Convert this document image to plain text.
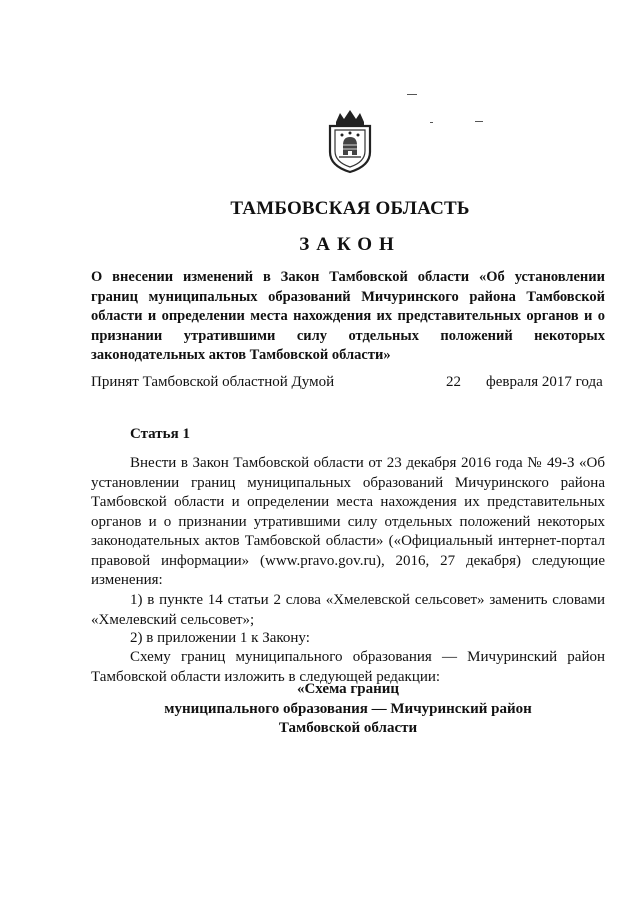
ТАМБОВСКАЯ ОБЛАСТЬ
ЗАКОН
О внесении изменений в Закон Тамбовской области «Об установлении границ муниципальных образований Мичуринского района Тамбовской области и определении места нахождения их представительных органов и о признании утратившими силу отдельных положений некоторых законодательных актов Тамбовской области»
Принят Тамбовской областной Думой	22 февраля 2017 года
Статья 1
Внести в Закон Тамбовской области от 23 декабря 2016 года № 49-З «Об установлении границ муниципальных образований Мичуринского района Тамбовской области и определении места нахождения их представительных органов и о признании утратившими силу отдельных положений некоторых законодательных актов Тамбовской области» («Официальный интернет-портал правовой информации» (www.pravo.gov.ru), 2016, 27 декабря) следующие изменения:
1) в пункте 14 статьи 2 слова «Хмелевской сельсовет» заменить словами «Хмелевский сельсовет»;
2) в приложении 1 к Закону:
Схему границ муниципального образования — Мичуринский район Тамбовской области изложить в следующей редакции:
«Схема границ
муниципального образования — Мичуринский район
Тамбовской области
